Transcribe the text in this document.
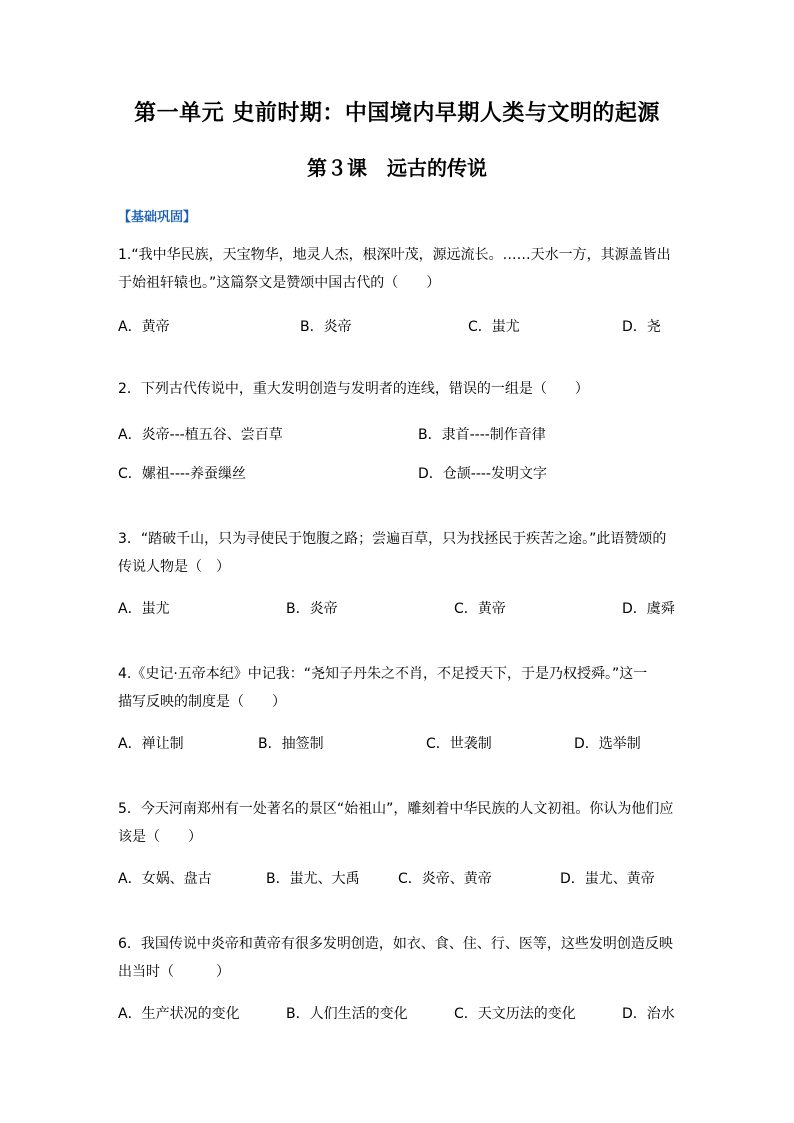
第一单元 史前时期：中国境内早期人类与文明的起源
第３课　远古的传说
【基础巩固】
1.“我中华民族，天宝物华，地灵人杰，根深叶茂，源远流长。……天水一方，其源盖皆出
于始祖轩辕也。”这篇祭文是赞颂中国古代的（　　）
A．黄帝	B．炎帝	C．蚩尤	D．尧
2．下列古代传说中，重大发明创造与发明者的连线，错误的一组是（　　）
A．炎帝---植五谷、尝百草	B．隶首----制作音律
C．嫘祖----养蚕缫丝	D．仓颉----发明文字
3．“踏破千山，只为寻使民于饱腹之路；尝遍百草，只为找拯民于疾苦之途。”此语赞颂的
传说人物是（　）
A．蚩尤	B．炎帝	C．黄帝	D．虞舜
4.《史记·五帝本纪》中记我：“尧知子丹朱之不肖，不足授天下，于是乃权授舜。”这一
描写反映的制度是（　　）
A．禅让制	B．抽签制	C．世袭制	D．选举制
5．今天河南郑州有一处著名的景区“始祖山”，雕刻着中华民族的人文初祖。你认为他们应
该是（　　）
A．女娲、盘古	B．蚩尤、大禹	C．炎帝、黄帝	D．蚩尤、黄帝
6．我国传说中炎帝和黄帝有很多发明创造，如衣、食、住、行、医等，这些发明创造反映
出当时（　　　）
A．生产状况的变化	B．人们生活的变化	C．天文历法的变化	D．治水
